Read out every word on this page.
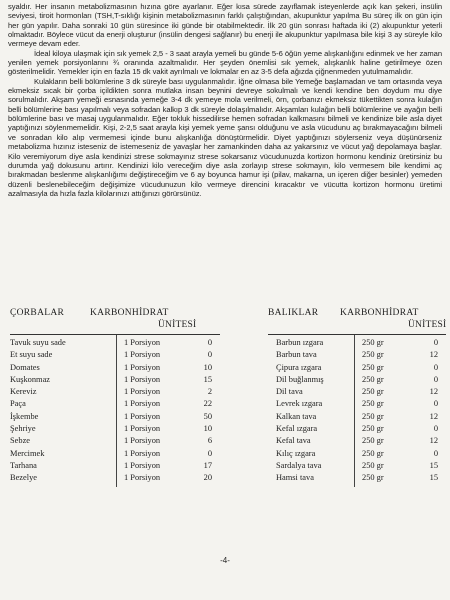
syaldır. Her insanın metabolizmasının hızına göre ayarlanır. Eğer kısa sürede zayıflamak isteyenlerde açık kan şekeri, insülin seviyesi, tiroit hormonları (TSH,T-sıklığı kişinin metabolizmasının farklı çalıştığından, akupunktur yapılma Bu süreç ilk on gün için her gün yapılır. Daha sonraki 10 gün süresince iki günde bir otabilmektedir. İlk 20 gün sonrası haftada iki (2) akupunktur yeterli olmaktadır. Böylece vücut da enerji oluşturur (insülin dengesi sağlanır) bu enerji ile akupunktur yapılmasa bile kişi 3 ay süreyle kilo vermeye devam eder.

İdeal kiloya ulaşmak için sık yemek 2,5 - 3 saat arayla yemeli bu günde 5-6 öğün yeme alışkanlığını edinmek ve her zaman yenilen yemek porsiyonlarını ¾ oranında azaltmalıdır. Her şeyden önemlisi sık yemek, alışkanlık haline getirilmeye özen gösterilmelidir. Yemekler için en fazla 15 dk vakit ayrılmalı ve lokmalar en az 3-5 defa ağızda çiğnenmeden yutulmamalıdır.

Kulakların belli bölümlerine 3 dk süreyle bası uygulanmalıdır. İğne olmasa bile Yemeğe başlamadan ve tam ortasında veya ekmeksiz sıcak bir çorba içildikten sonra mutlaka insan beynini devreye sokulmalı ve kendi kendine ben doydum mu diye sorulmalıdır. Akşam yemeği esnasında yemeğe 3-4 dk yemeye mola verilmeli, örn, çorbanızı ekmeksiz tükettikten sonra kulağın belli bölümlerine bası yapılmalı veya sofradan kalkıp 3 dk süreyle dolaşılmalıdır. Akşamları kulağın belli bölümlerine ve ayağın belli bölümlerine bası ve masaj uygulanmalıdır. Eğer tokluk hissedilirse hemen sofradan kalkmasını bilmeli ve kendinize bile asla diyet yaptığınızı söylenmemelidir. Kişi, 2-2,5 saat arayla kişi yemek yeme şansı olduğunu ve asla vücudunu aç bırakmayacağını bilmeli ve sonradan kilo alıp vermemesi içinde bunu alışkanlığa dönüştürmelidir. Diyet yaptığınızı söylerseniz veya düşünürseniz metabolizma hızınız isteseniz de istemeseniz de yavaşlar her zamankinden daha az yakarsınız ve vücut yağ depolamaya başlar. Kilo veremiyorum diye asla kendinizi strese sokmayınız strese sokarsanız vücudunuzda kortizon hormonu kendiniz üretirsiniz bu durumda yağ dokusunu artırır. Kendinizi kilo vereceğim diye asla zorlayıp strese sokmayın, kilo vermesem bile kendimi aç bırakmadan beslenme alışkanlığımı değiştireceğim ve 6 ay boyunca hamur işi (pilav, makarna, un içeren diğer besinler) yemeden düzenli beslenebileceğim değişimize vücudunuzun kilo vermeye direncini kıracaktır ve vücutta kortizon hormonu üretimi azalmasıyla da hızla fazla kilolarınızı attığınızı görürsünüz.

ÇORBALAR	KARBONHİDRAT
ÜNİTESİ
Tavuk suyu sade	1 Porsiyon	0
Et suyu sade	1 Porsiyon	0
Domates	1 Porsiyon	10
Kuşkonmaz	1 Porsiyon	15
Kereviz	1 Porsiyon	2
Paça	1 Porsiyon	22
İşkembe	1 Porsiyon	50
Şehriye	1 Porsiyon	10
Sebze	1 Porsiyon	6
Mercimek	1 Porsiyon	0
Tarhana	1 Porsiyon	17
Bezelye	1 Porsiyon	20
BALIKLAR KARBONHİDRAT
ÜNİTESİ
Barbun ızgara	250 gr	0
Barbun tava	250 gr	12
Çipura ızgara	250 gr	0
Dil buğlanmış	250 gr	0
Dil tava	250 gr	12
Levrek ızgara	250 gr	0
Kalkan tava	250 gr	12
Kefal ızgara	250 gr	0
Kefal tava	250 gr	12
Kılıç ızgara	250 gr	0
Sardalya tava	250 gr	15
Hamsi tava	250 gr	15
-4-
